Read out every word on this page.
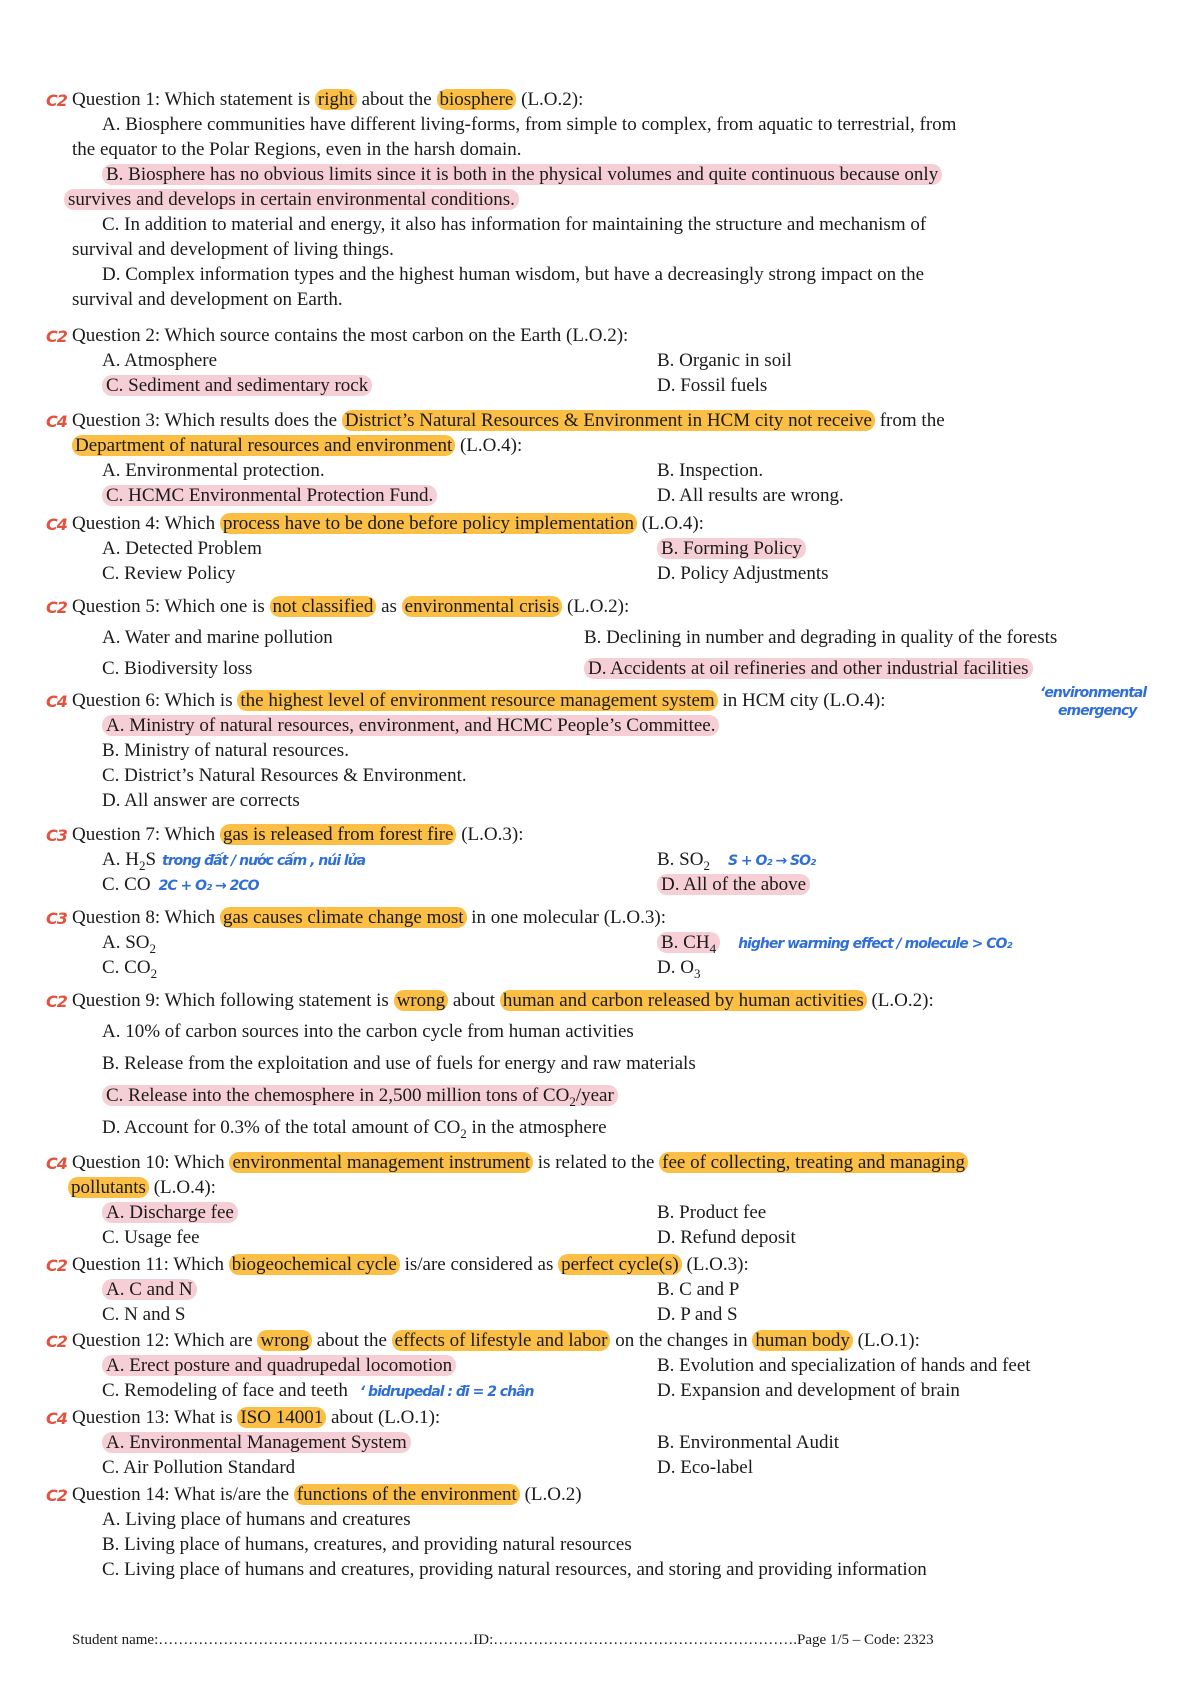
C2 Question 1: Which statement is right about the biosphere (L.O.2):
A. Biosphere communities have different living-forms, from simple to complex, from aquatic to terrestrial, from
the equator to the Polar Regions, even in the harsh domain.
B. Biosphere has no obvious limits since it is both in the physical volumes and quite continuous because only
survives and develops in certain environmental conditions.
C. In addition to material and energy, it also has information for maintaining the structure and mechanism of
survival and development of living things.
D. Complex information types and the highest human wisdom, but have a decreasingly strong impact on the
survival and development on Earth.
C2 Question 2: Which source contains the most carbon on the Earth (L.O.2):
A. Atmosphere	B. Organic in soil
C. Sediment and sedimentary rock	D. Fossil fuels
C4 Question 3: Which results does the District’s Natural Resources & Environment in HCM city not receive from the
Department of natural resources and environment (L.O.4):
A. Environmental protection.	B. Inspection.
C. HCMC Environmental Protection Fund.	D. All results are wrong.
C4 Question 4: Which process have to be done before policy implementation (L.O.4):
A. Detected Problem	B. Forming Policy
C. Review Policy	D. Policy Adjustments
C2 Question 5: Which one is not classified as environmental crisis (L.O.2):
A. Water and marine pollution	B. Declining in number and degrading in quality of the forests
C. Biodiversity loss	D. Accidents at oil refineries and other industrial facilities
C4 Question 6: Which is the highest level of environment resource management system in HCM city (L.O.4):
A. Ministry of natural resources, environment, and HCMC People’s Committee.
B. Ministry of natural resources.
C. District’s Natural Resources & Environment.
D. All answer are corrects
‘environmental
emergency
C3 Question 7: Which gas is released from forest fire (L.O.3):
A. $H_2S$ trong đất / nước cấm , núi lửa	B. $SO_2$ S + O₂ → SO₂
C. CO 2C + O₂ → 2CO	D. All of the above
C3 Question 8: Which gas causes climate change most in one molecular (L.O.3):
A. $SO_2$	B. $CH_4$ higher warming effect / molecule > CO₂
C. $CO_2$	D. $O_3$
C2 Question 9: Which following statement is wrong about human and carbon released by human activities (L.O.2):
A. 10% of carbon sources into the carbon cycle from human activities
B. Release from the exploitation and use of fuels for energy and raw materials
C. Release into the chemosphere in 2,500 million tons of $CO_2$/year
D. Account for 0.3% of the total amount of $CO_2$ in the atmosphere
C4 Question 10: Which environmental management instrument is related to the fee of collecting, treating and managing
pollutants (L.O.4):
A. Discharge fee	B. Product fee
C. Usage fee	D. Refund deposit
C2 Question 11: Which biogeochemical cycle is/are considered as perfect cycle(s) (L.O.3):
A. C and N	B. C and P
C. N and S	D. P and S
C2 Question 12: Which are wrong about the effects of lifestyle and labor on the changes in human body (L.O.1):
A. Erect posture and quadrupedal locomotion	B. Evolution and specialization of hands and feet
C. Remodeling of face and teeth ‘ bidrupedal : đi = 2 chân	D. Expansion and development of brain
C4 Question 13: What is ISO 14001 about (L.O.1):
A. Environmental Management System	B. Environmental Audit
C. Air Pollution Standard	D. Eco-label
C2 Question 14: What is/are the functions of the environment (L.O.2)
A. Living place of humans and creatures
B. Living place of humans, creatures, and providing natural resources
C. Living place of humans and creatures, providing natural resources, and storing and providing information
Student name:………………………………………………………ID:…………………………………………………….Page 1/5 – Code: 2323
